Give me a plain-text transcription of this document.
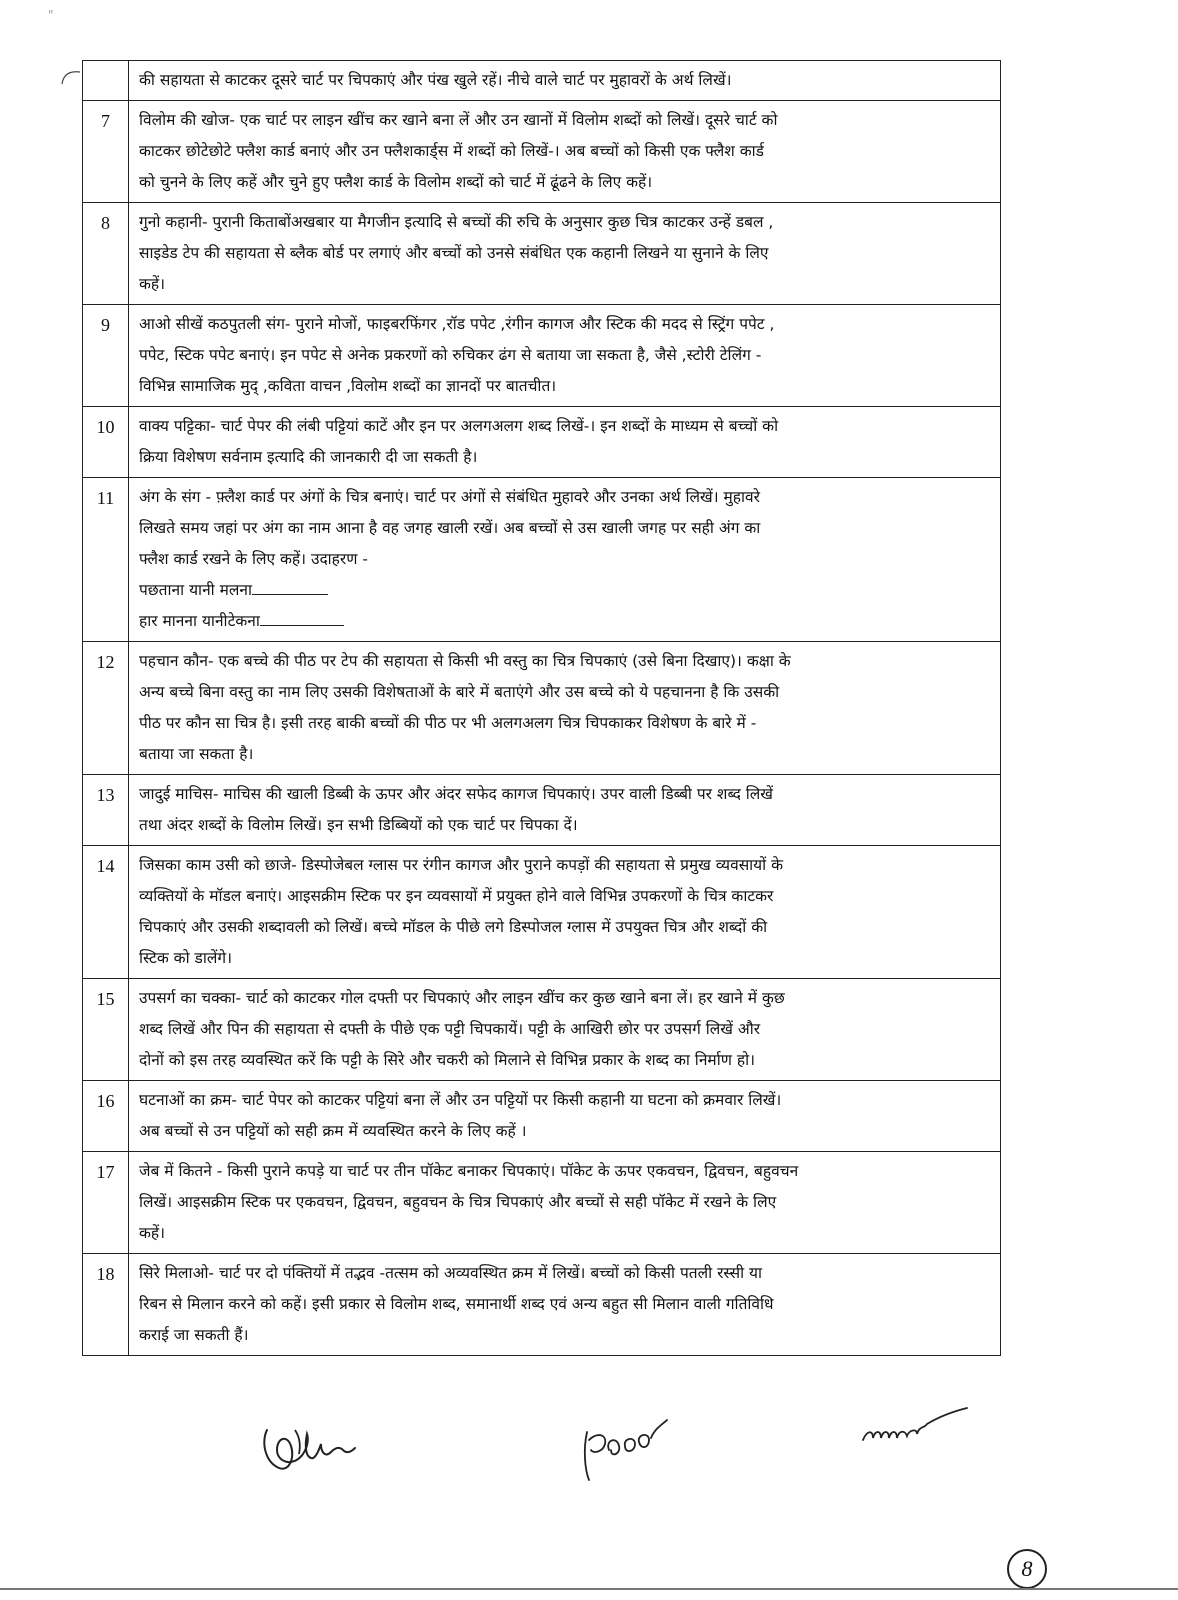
"
की सहायता से काटकर दूसरे चार्ट पर चिपकाएं और पंख खुले रहें। नीचे वाले चार्ट पर मुहावरों के अर्थ लिखें।
7	विलोम की खोज- एक चार्ट पर लाइन खींच कर खाने बना लें और उन खानों में विलोम शब्दों को लिखें। दूसरे चार्ट को
काटकर छोटेछोटे फ्लैश कार्ड बनाएं और उन फ्लैशकार्ड्स में शब्दों को लिखें-। अब बच्चों को किसी एक फ्लैश कार्ड
को चुनने के लिए कहें और चुने हुए फ्लैश कार्ड के विलोम शब्दों को चार्ट में ढूंढने के लिए कहें।
8	गुनो कहानी- पुरानी किताबोंअखबार या मैगजीन इत्यादि से बच्चों की रुचि के अनुसार कुछ चित्र काटकर उन्हें डबल ,
साइडेड टेप की सहायता से ब्लैक बोर्ड पर लगाएं और बच्चों को उनसे संबंधित एक कहानी लिखने या सुनाने के लिए
कहें।
9	आओ सीखें कठपुतली संग- पुराने मोजों, फाइबरफिंगर ,रॉड पपेट ,रंगीन कागज और स्टिक की मदद से स्ट्रिंग पपेट ,
पपेट, स्टिक पपेट बनाएं। इन पपेट से अनेक प्रकरणों को रुचिकर ढंग से बताया जा सकता है, जैसे ,स्टोरी टेलिंग -
विभिन्न सामाजिक मुद् ,कविता वाचन ,विलोम शब्दों का ज्ञानदों पर बातचीत।
10	वाक्य पट्टिका- चार्ट पेपर की लंबी पट्टियां काटें और इन पर अलगअलग शब्द लिखें-। इन शब्दों के माध्यम से बच्चों को
क्रिया विशेषण सर्वनाम इत्यादि की जानकारी दी जा सकती है।
11	अंग के संग - फ़्लैश कार्ड पर अंगों के चित्र बनाएं। चार्ट पर अंगों से संबंधित मुहावरे और उनका अर्थ लिखें। मुहावरे
लिखते समय जहां पर अंग का नाम आना है वह जगह खाली रखें। अब बच्चों से उस खाली जगह पर सही अंग का
फ्लैश कार्ड रखने के लिए कहें। उदाहरण -
पछताना यानी मलना
हार मानना यानीटेकना
12	पहचान कौन- एक बच्चे की पीठ पर टेप की सहायता से किसी भी वस्तु का चित्र चिपकाएं (उसे बिना दिखाए)। कक्षा के
अन्य बच्चे बिना वस्तु का नाम लिए उसकी विशेषताओं के बारे में बताएंगे और उस बच्चे को ये पहचानना है कि उसकी
पीठ पर कौन सा चित्र है। इसी तरह बाकी बच्चों की पीठ पर भी अलगअलग चित्र चिपकाकर विशेषण के बारे में -
बताया जा सकता है।
13	जादुई माचिस- माचिस की खाली डिब्बी के ऊपर और अंदर सफेद कागज चिपकाएं। उपर वाली डिब्बी पर शब्द लिखें
तथा अंदर शब्दों के विलोम लिखें। इन सभी डिब्बियों को एक चार्ट पर चिपका दें।
14	जिसका काम उसी को छाजे- डिस्पोजेबल ग्लास पर रंगीन कागज और पुराने कपड़ों की सहायता से प्रमुख व्यवसायों के
व्यक्तियों के मॉडल बनाएं। आइसक्रीम स्टिक पर इन व्यवसायों में प्रयुक्त होने वाले विभिन्न उपकरणों के चित्र काटकर
चिपकाएं और उसकी शब्दावली को लिखें। बच्चे मॉडल के पीछे लगे डिस्पोजल ग्लास में उपयुक्त चित्र और शब्दों की
स्टिक को डालेंगे।
15	उपसर्ग का चक्का- चार्ट को काटकर गोल दफ्ती पर चिपकाएं और लाइन खींच कर कुछ खाने बना लें। हर खाने में कुछ
शब्द लिखें और पिन की सहायता से दफ्ती के पीछे एक पट्टी चिपकायें। पट्टी के आखिरी छोर पर उपसर्ग लिखें और
दोनों को इस तरह व्यवस्थित करें कि पट्टी के सिरे और चकरी को मिलाने से विभिन्न प्रकार के शब्द का निर्माण हो।
16	घटनाओं का क्रम- चार्ट पेपर को काटकर पट्टियां बना लें और उन पट्टियों पर किसी कहानी या घटना को क्रमवार लिखें।
अब बच्चों से उन पट्टियों को सही क्रम में व्यवस्थित करने के लिए कहें ।
17	जेब में कितने - किसी पुराने कपड़े या चार्ट पर तीन पॉकेट बनाकर चिपकाएं। पॉकेट के ऊपर एकवचन, द्विवचन, बहुवचन
लिखें। आइसक्रीम स्टिक पर एकवचन, द्विवचन, बहुवचन के चित्र चिपकाएं और बच्चों से सही पॉकेट में रखने के लिए
कहें।
18	सिरे मिलाओ- चार्ट पर दो पंक्तियों में तद्भव -तत्सम को अव्यवस्थित क्रम में लिखें। बच्चों को किसी पतली रस्सी या
रिबन से मिलान करने को कहें। इसी प्रकार से विलोम शब्द, समानार्थी शब्द एवं अन्य बहुत सी मिलान वाली गतिविधि
कराई जा सकती हैं।
8
